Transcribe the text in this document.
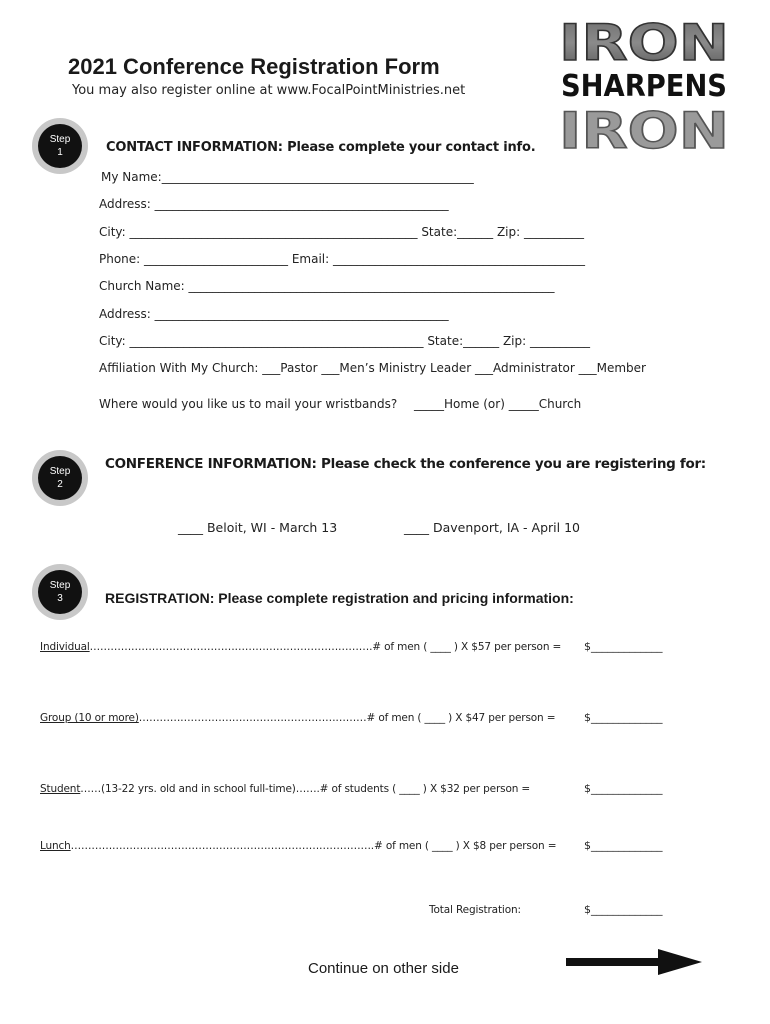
2021 Conference Registration Form
You may also register online at www.FocalPointMinistries.net
IRON
SHARPENS
IRON
Step
1	CONTACT INFORMATION: Please complete your contact info.
My Name:____________________________________________________
Address: _________________________________________________
City: ________________________________________________ State:______ Zip: __________
Phone: ________________________ Email: __________________________________________
Church Name: _____________________________________________________________
Address: _________________________________________________
City: _________________________________________________ State:______ Zip: __________
Affiliation With My Church: ___Pastor ___Men’s Ministry Leader ___Administrator ___Member
Where would you like us to mail your wristbands? _____Home (or) _____Church
Step
2
CONFERENCE INFORMATION: Please check the conference you are registering for:
____ Beloit, WI - March 13	____ Davenport, IA - April 10
Step
3	REGISTRATION: Please complete registration and pricing information:
Individual……………………………………………………………………….# of men ( ____ ) X $57 per person = $_____________
Group (10 or more)…………………………………………………………# of men ( ____ ) X $47 per person =	$_____________
Student……(13-22 yrs. old and in school full-time)…….# of students ( ____ ) X $32 per person =	$_____________
Lunch…………………………………………………………………………….# of men ( ____ ) X $8 per person =	$_____________
Total Registration:	$_____________
Continue on other side
